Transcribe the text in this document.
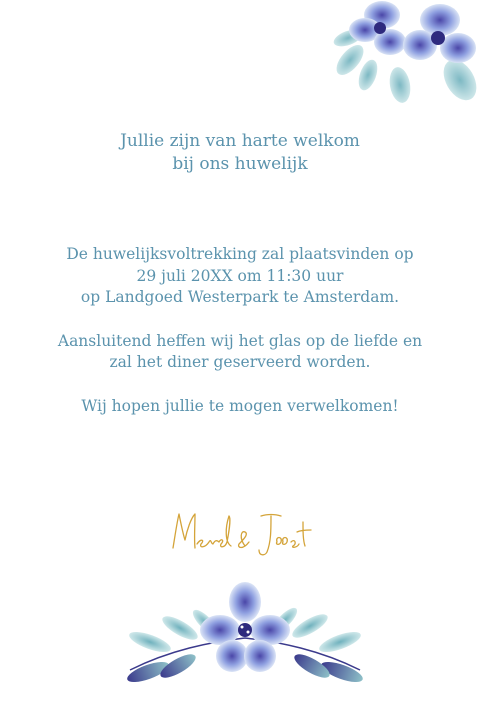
Jullie zijn van harte welkom
bij ons huwelijk

De huwelijksvoltrekking zal plaatsvinden op
29 juli 20XX om 11:30 uur
op Landgoed Westerpark te Amsterdam.

Aansluitend heffen wij het glas op de liefde en
zal het diner geserveerd worden.

Wij hopen jullie te mogen verwelkomen!
